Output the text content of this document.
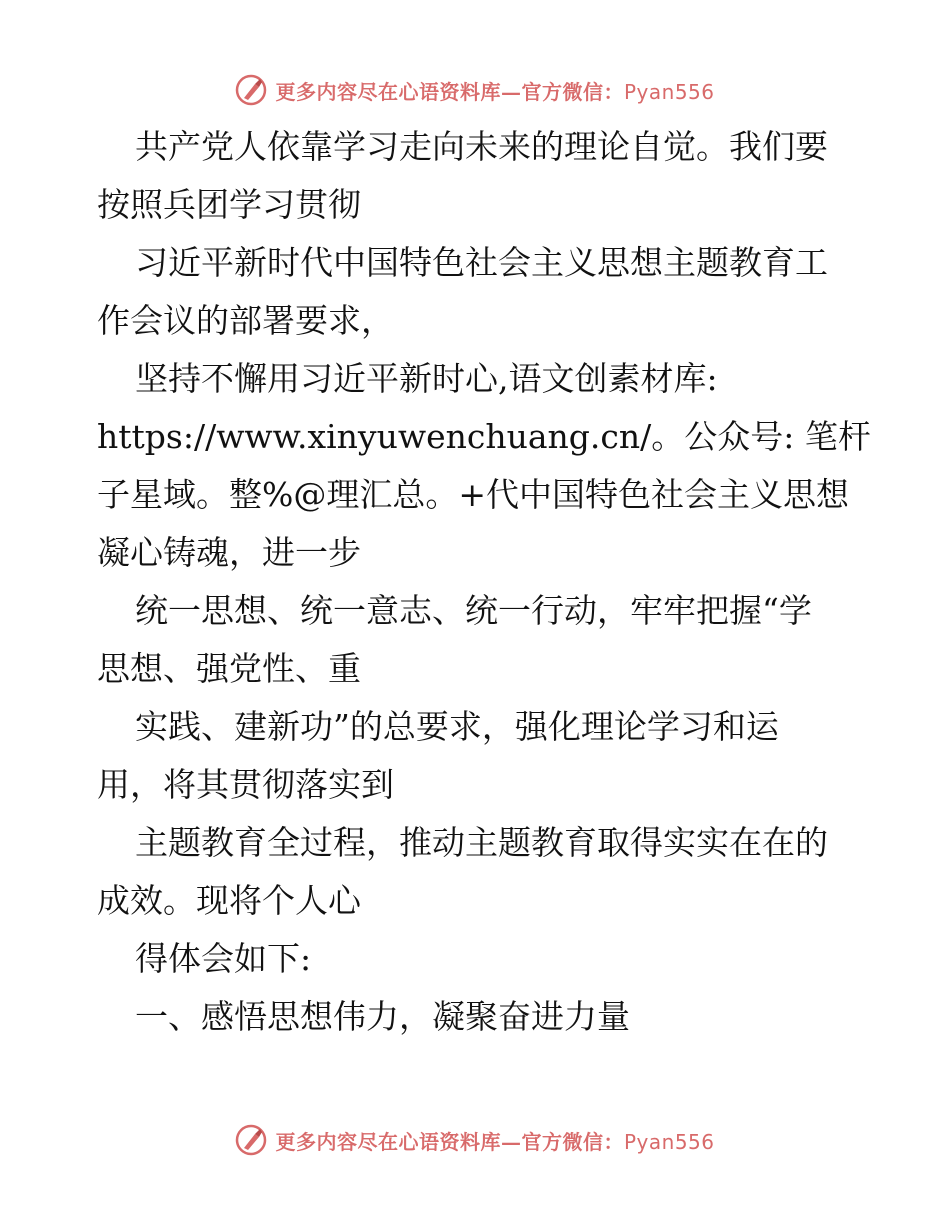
更多内容尽在心语资料库—官方微信：Pyan556
共产党人依靠学习走向未来的理论自觉。我们要
按照兵团学习贯彻
习近平新时代中国特色社会主义思想主题教育工
作会议的部署要求，
坚持不懈用习近平新时心,语文创素材库:
https://www.xinyuwenchuang.cn/。公众号: 笔杆
子星域。整%@理汇总。+代中国特色社会主义思想
凝心铸魂，进一步
统一思想、统一意志、统一行动，牢牢把握“学
思想、强党性、重
实践、建新功”的总要求，强化理论学习和运
用，将其贯彻落实到
主题教育全过程，推动主题教育取得实实在在的
成效。现将个人心
得体会如下:
一、感悟思想伟力，凝聚奋进力量
更多内容尽在心语资料库—官方微信：Pyan556
